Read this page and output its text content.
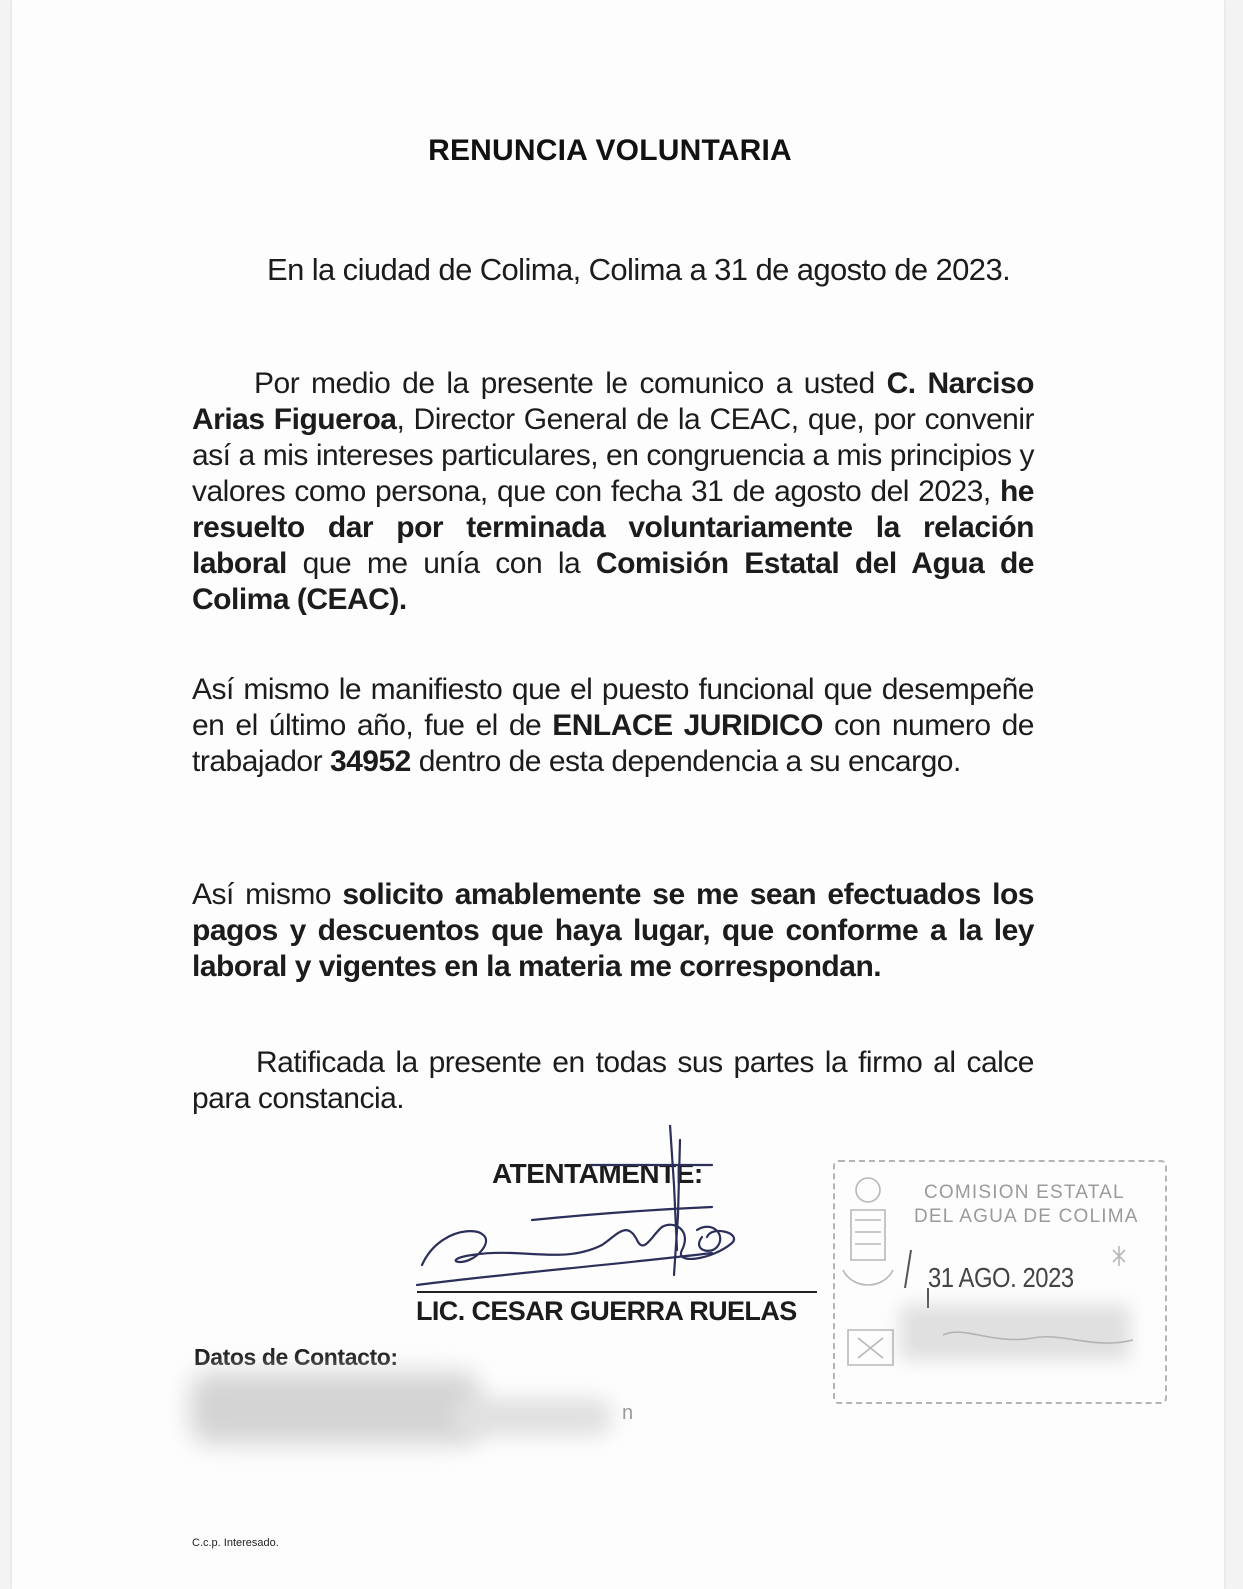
RENUNCIA VOLUNTARIA
En la ciudad de Colima, Colima a 31 de agosto de 2023.
Por medio de la presente le comunico a usted C. Narciso Arias Figueroa, Director General de la CEAC, que, por convenir así a mis intereses particulares, en congruencia a mis principios y valores como persona, que con fecha 31 de agosto del 2023, he resuelto dar por terminada voluntariamente la relación laboral que me unía con la Comisión Estatal del Agua de Colima (CEAC).
Así mismo le manifiesto que el puesto funcional que desempeñe en el último año, fue el de ENLACE JURIDICO con numero de trabajador 34952 dentro de esta dependencia a su encargo.
Así mismo solicito amablemente se me sean efectuados los pagos y descuentos que haya lugar, que conforme a la ley laboral y vigentes en la materia me correspondan.
Ratificada la presente en todas sus partes la firmo al calce para constancia.
ATENTAMENTE:
LIC. CESAR GUERRA RUELAS
Datos de Contacto:
n
C.c.p. Interesado.
COMISION ESTATAL
DEL AGUA DE COLIMA
31 AGO. 2023
